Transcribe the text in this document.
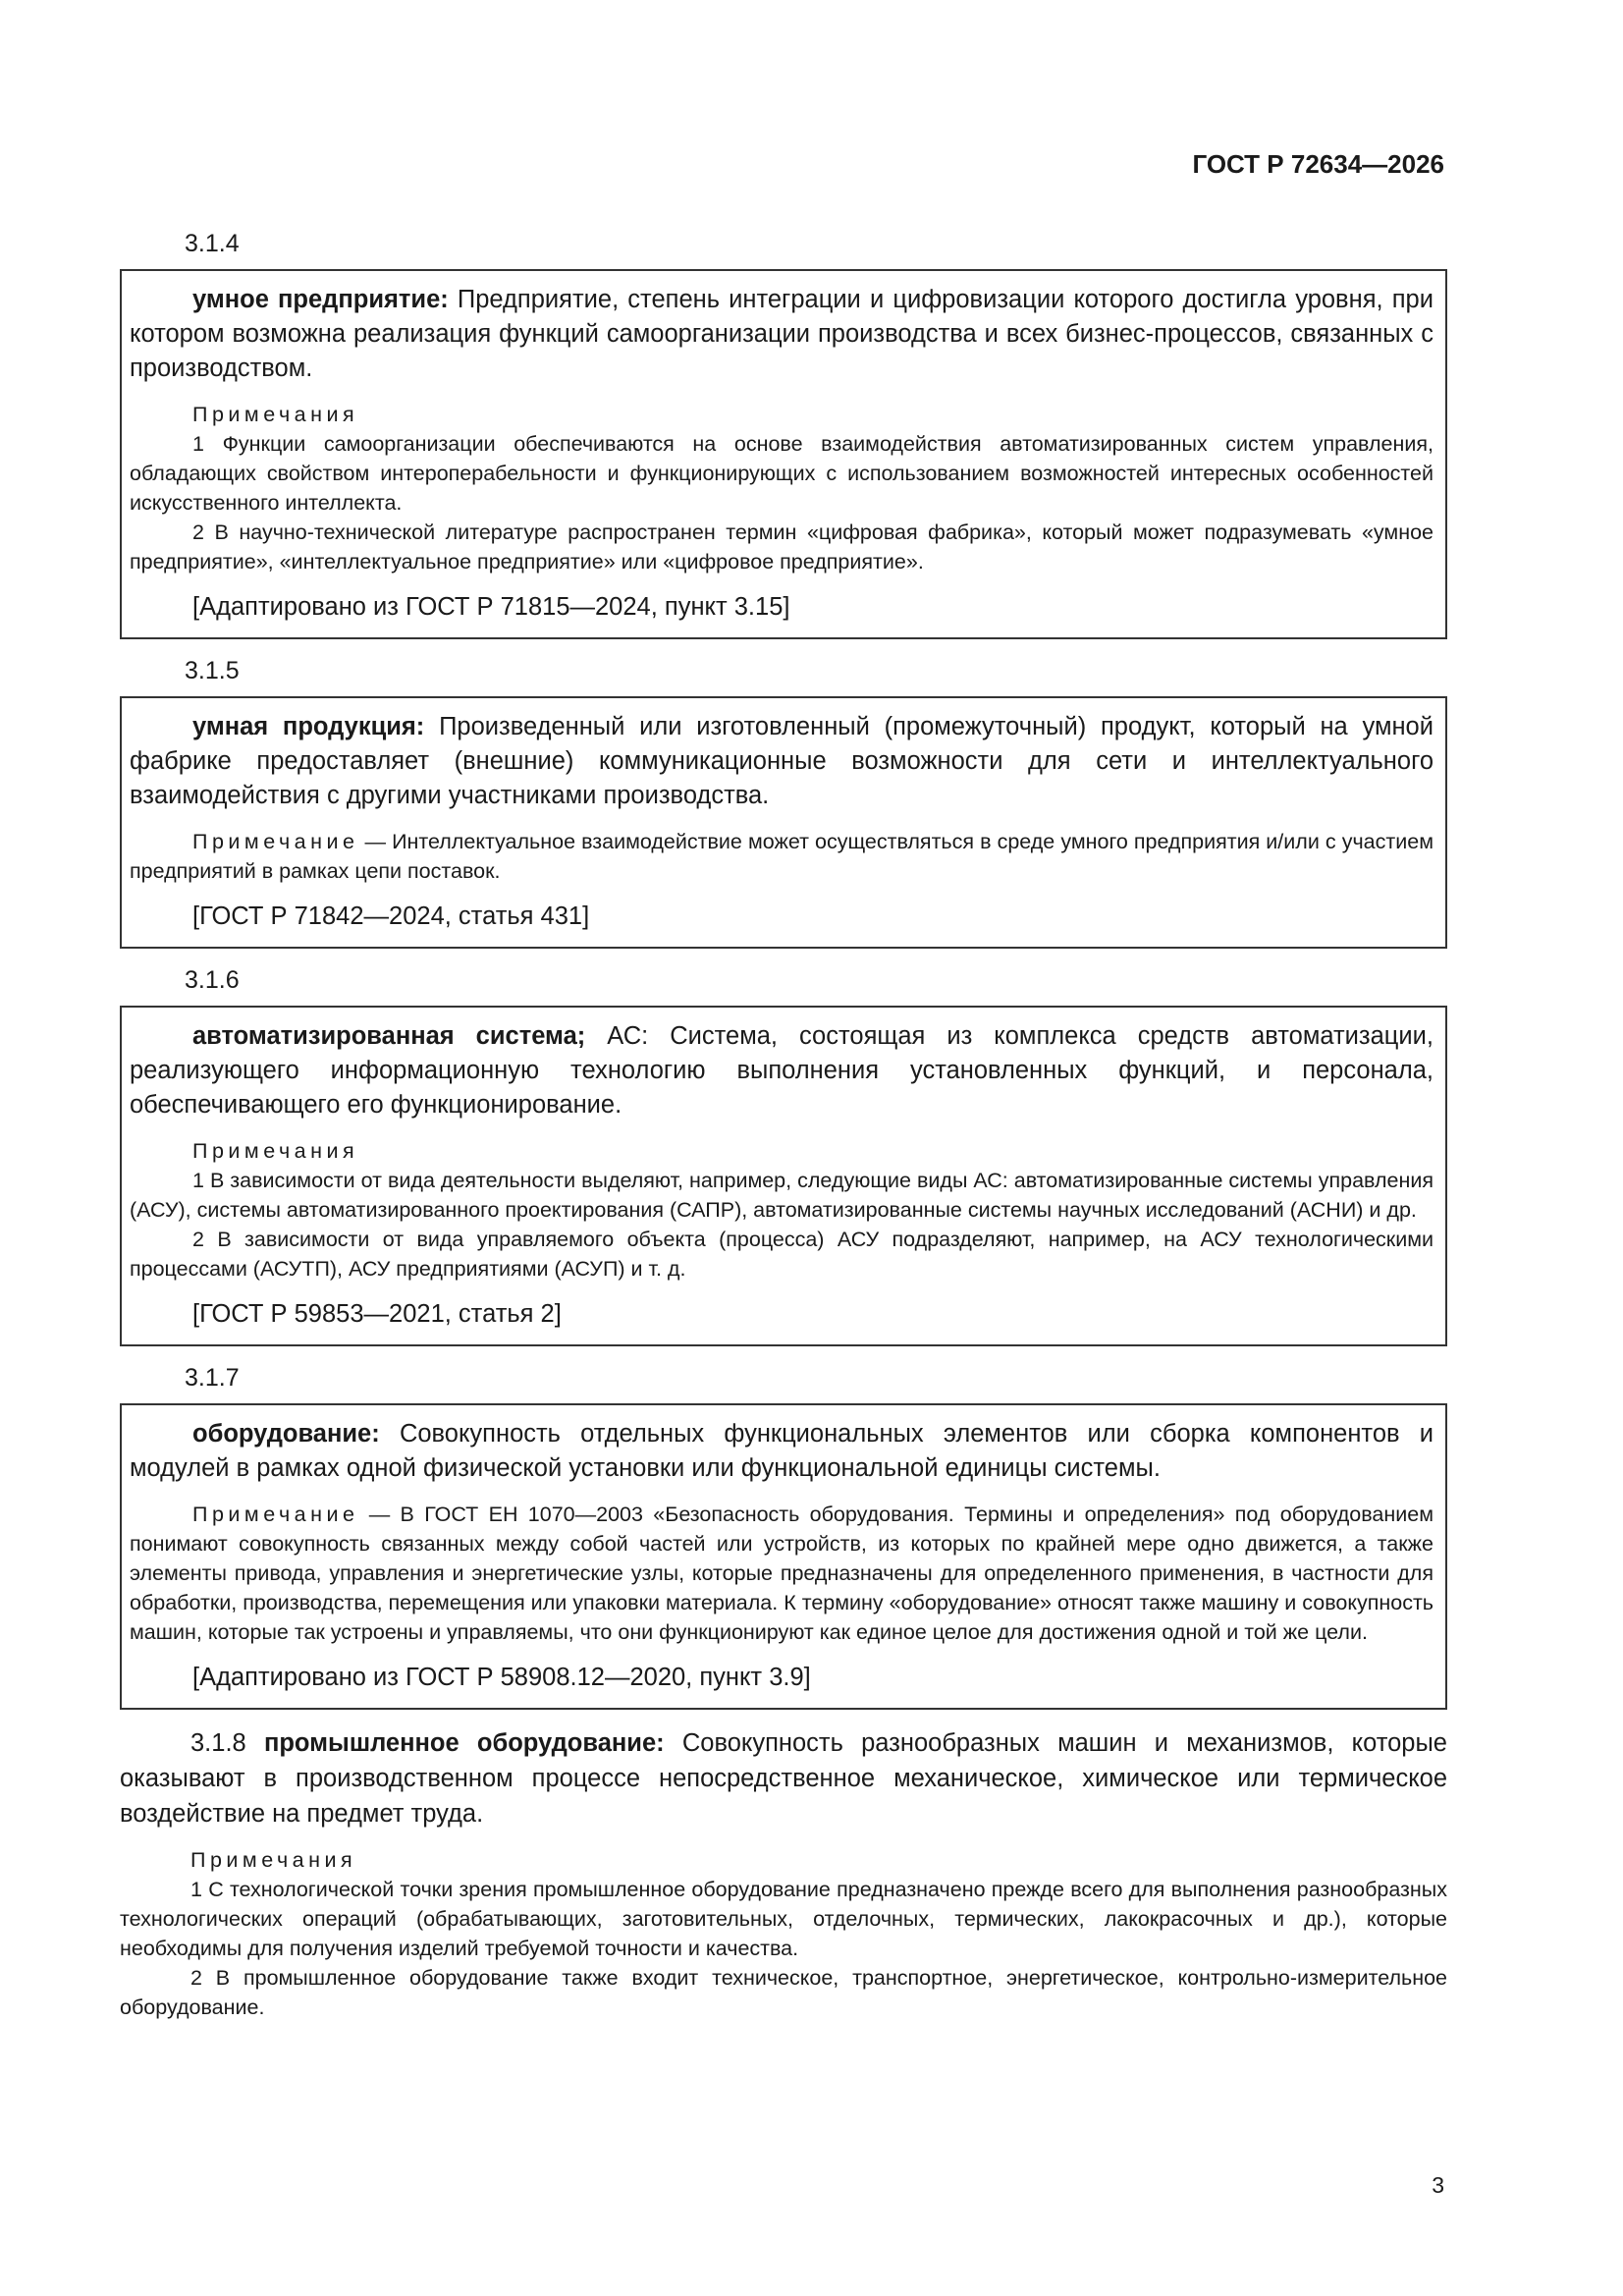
ГОСТ Р 72634—2026
3.1.4

умное предприятие: Предприятие, степень интеграции и цифровизации которого достигла уровня, при котором возможна реализация функций самоорганизации производства и всех бизнес-процессов, связанных с производством.

Примечания

1 Функции самоорганизации обеспечиваются на основе взаимодействия автоматизированных систем управления, обладающих свойством интероперабельности и функционирующих с использованием возможностей интересных особенностей искусственного интеллекта.

2 В научно-технической литературе распространен термин «цифровая фабрика», который может подразумевать «умное предприятие», «интеллектуальное предприятие» или «цифровое предприятие».

[Адаптировано из ГОСТ Р 71815—2024, пункт 3.15]

3.1.5

умная продукция: Произведенный или изготовленный (промежуточный) продукт, который на умной фабрике предоставляет (внешние) коммуникационные возможности для сети и интеллектуального взаимодействия с другими участниками производства.

Примечание — Интеллектуальное взаимодействие может осуществляться в среде умного предприятия и/или с участием предприятий в рамках цепи поставок.

[ГОСТ Р 71842—2024, статья 431]

3.1.6

автоматизированная система; АС: Система, состоящая из комплекса средств автоматизации, реализующего информационную технологию выполнения установленных функций, и персонала, обеспечивающего его функционирование.

Примечания

1 В зависимости от вида деятельности выделяют, например, следующие виды АС: автоматизированные системы управления (АСУ), системы автоматизированного проектирования (САПР), автоматизированные системы научных исследований (АСНИ) и др.

2 В зависимости от вида управляемого объекта (процесса) АСУ подразделяют, например, на АСУ технологическими процессами (АСУТП), АСУ предприятиями (АСУП) и т. д.

[ГОСТ Р 59853—2021, статья 2]

3.1.7

оборудование: Совокупность отдельных функциональных элементов или сборка компонентов и модулей в рамках одной физической установки или функциональной единицы системы.

Примечание — В ГОСТ ЕН 1070—2003 «Безопасность оборудования. Термины и определения» под оборудованием понимают совокупность связанных между собой частей или устройств, из которых по крайней мере одно движется, а также элементы привода, управления и энергетические узлы, которые предназначены для определенного применения, в частности для обработки, производства, перемещения или упаковки материала. К термину «оборудование» относят также машину и совокупность машин, которые так устроены и управляемы, что они функционируют как единое целое для достижения одной и той же цели.

[Адаптировано из ГОСТ Р 58908.12—2020, пункт 3.9]

3.1.8 промышленное оборудование: Совокупность разнообразных машин и механизмов, которые оказывают в производственном процессе непосредственное механическое, химическое или термическое воздействие на предмет труда.

Примечания

1 С технологической точки зрения промышленное оборудование предназначено прежде всего для выполнения разнообразных технологических операций (обрабатывающих, заготовительных, отделочных, термических, лакокрасочных и др.), которые необходимы для получения изделий требуемой точности и качества.

2 В промышленное оборудование также входит техническое, транспортное, энергетическое, контрольно-измерительное оборудование.

3
